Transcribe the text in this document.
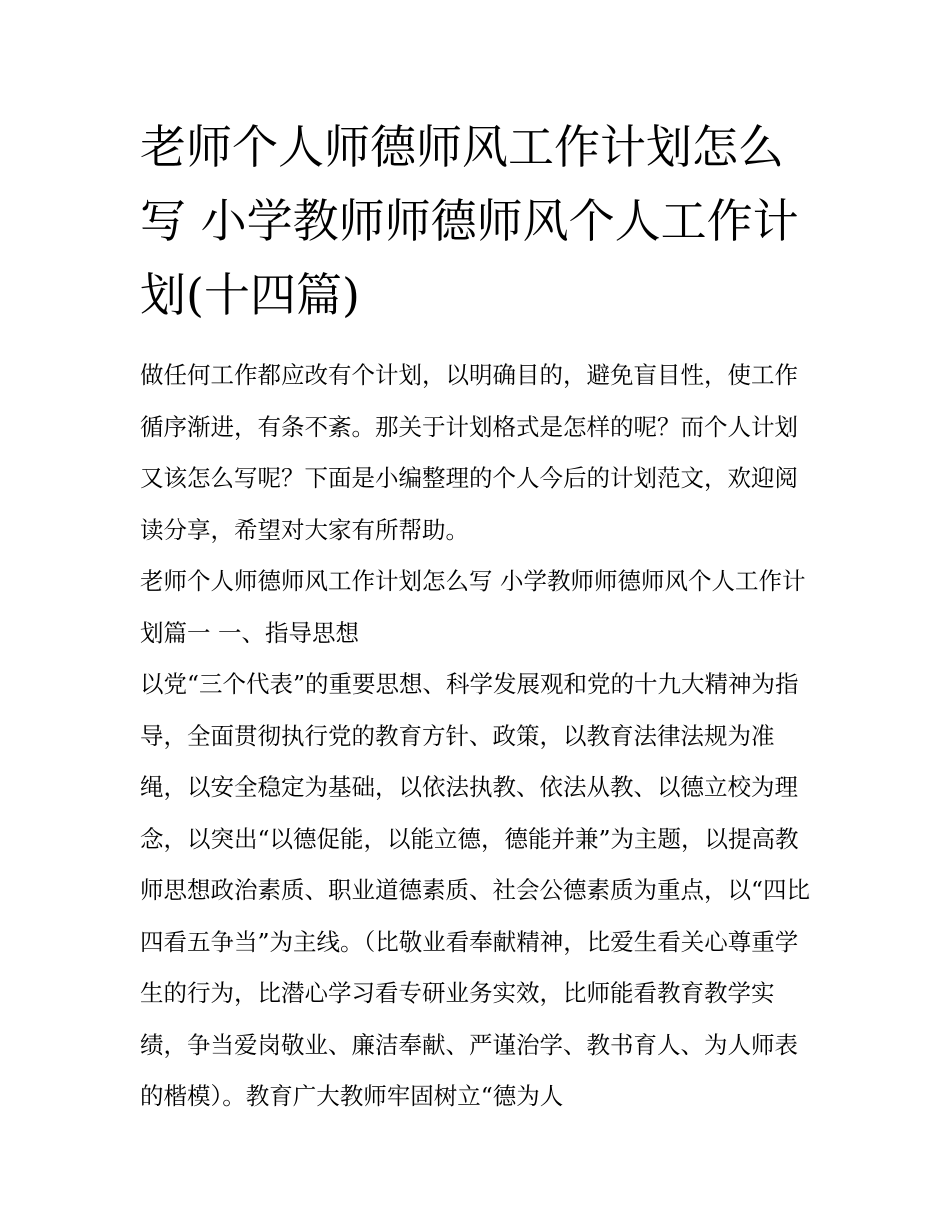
老师个人师德师风工作计划怎么写 小学教师师德师风个人工作计划(十四篇)

做任何工作都应改有个计划，以明确目的，避免盲目性，使工作循序渐进，有条不紊。那关于计划格式是怎样的呢？而个人计划又该怎么写呢？下面是小编整理的个人今后的计划范文，欢迎阅读分享，希望对大家有所帮助。

老师个人师德师风工作计划怎么写 小学教师师德师风个人工作计划篇一 一、指导思想

以党“三个代表”的重要思想、科学发展观和党的十九大精神为指导，全面贯彻执行党的教育方针、政策，以教育法律法规为准绳，以安全稳定为基础，以依法执教、依法从教、以德立校为理念，以突出“以德促能，以能立德，德能并兼”为主题，以提高教师思想政治素质、职业道德素质、社会公德素质为重点，以“四比四看五争当”为主线。（比敬业看奉献精神，比爱生看关心尊重学生的行为，比潜心学习看专研业务实效，比师能看教育教学实绩，争当爱岗敬业、廉洁奉献、严谨治学、教书育人、为人师表的楷模）。教育广大教师牢固树立“德为人
